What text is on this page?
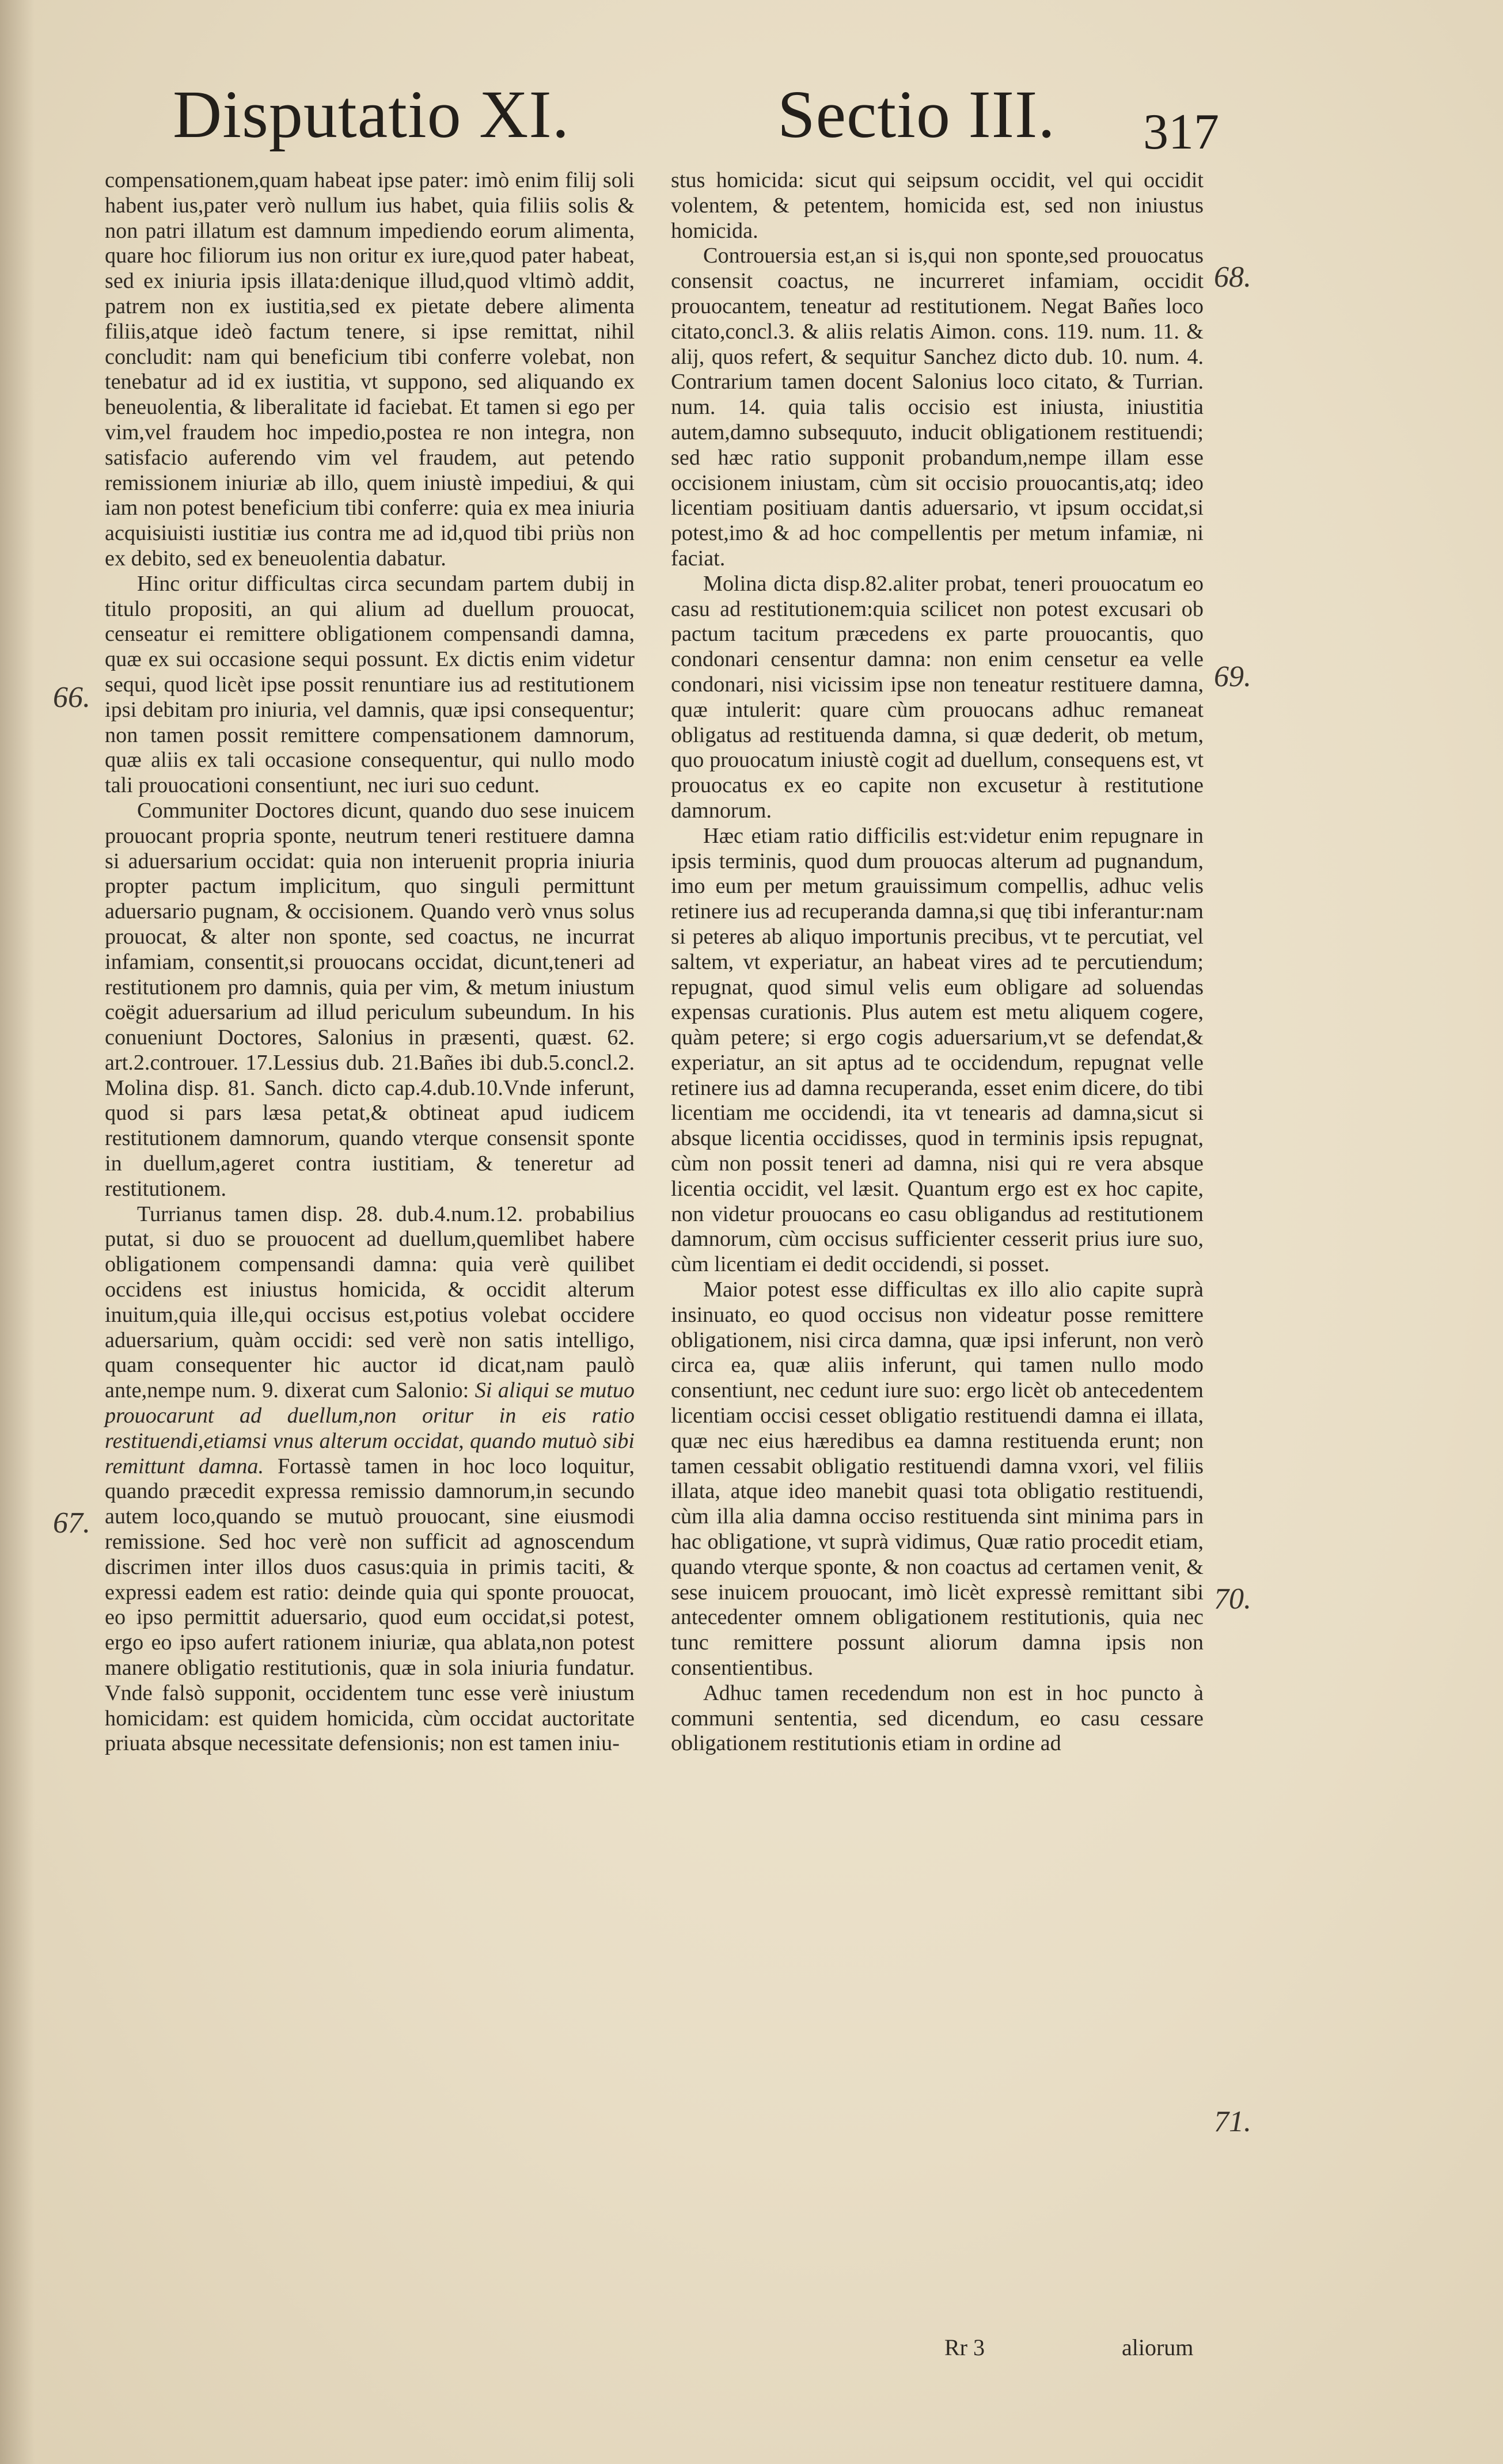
Disputatio XI.	Sectio III. 317

compensationem,quam habeat ipse pater: imò enim filij soli habent ius,pater verò nullum ius habet, quia filiis solis & non patri illatum est damnum impediendo eorum alimenta, quare hoc filiorum ius non oritur ex iure,quod pater habeat, sed ex iniuria ipsis illata:denique illud,quod vltimò addit, patrem non ex iustitia,sed ex pietate debere alimenta filiis,atque ideò factum tenere, si ipse remittat, nihil concludit: nam qui beneficium tibi conferre volebat, non tenebatur ad id ex iustitia, vt suppono, sed aliquando ex beneuolentia, & liberalitate id faciebat. Et tamen si ego per vim,vel fraudem hoc impedio,postea re non integra, non satisfacio auferendo vim vel fraudem, aut petendo remissionem iniuriæ ab illo, quem iniustè impediui, & qui iam non potest beneficium tibi conferre: quia ex mea iniuria acquisiuisti iustitiæ ius contra me ad id,quod tibi priùs non ex debito, sed ex beneuolentia dabatur.

Hinc oritur difficultas circa secundam partem dubij in titulo propositi, an qui alium ad duellum prouocat, censeatur ei remittere obligationem compensandi damna, quæ ex sui occasione sequi possunt. Ex dictis enim videtur sequi, quod licèt ipse possit renuntiare ius ad restitutionem ipsi debitam pro iniuria, vel damnis, quæ ipsi consequentur; non tamen possit remittere compensationem damnorum, quæ aliis ex tali occasione consequentur, qui nullo modo tali prouocationi consentiunt, nec iuri suo cedunt.

Communiter Doctores dicunt, quando duo sese inuicem prouocant propria sponte, neutrum teneri restituere damna si aduersarium occidat: quia non interuenit propria iniuria propter pactum implicitum, quo singuli permittunt aduersario pugnam, & occisionem. Quando verò vnus solus prouocat, & alter non sponte, sed coactus, ne incurrat infamiam, consentit,si prouocans occidat, dicunt,teneri ad restitutionem pro damnis, quia per vim, & metum iniustum coëgit aduersarium ad illud periculum subeundum. In his conueniunt Doctores, Salonius in præsenti, quæst. 62. art.2.controuer. 17.Lessius dub. 21.Bañes ibi dub.5.concl.2. Molina disp. 81. Sanch. dicto cap.4.dub.10.Vnde inferunt, quod si pars læsa petat,& obtineat apud iudicem restitutionem damnorum, quando vterque consensit sponte in duellum,ageret contra iustitiam, & teneretur ad restitutionem.

Turrianus tamen disp. 28. dub.4.num.12. probabilius putat, si duo se prouocent ad duellum,quemlibet habere obligationem compensandi damna: quia verè quilibet occidens est iniustus homicida, & occidit alterum inuitum,quia ille,qui occisus est,potius volebat occidere aduersarium, quàm occidi: sed verè non satis intelligo, quam consequenter hic auctor id dicat,nam paulò ante,nempe num. 9. dixerat cum Salonio: Si aliqui se mutuo prouocarunt ad duellum,non oritur in eis ratio restituendi,etiamsi vnus alterum occidat, quando mutuò sibi remittunt damna. Fortassè tamen in hoc loco loquitur, quando præcedit expressa remissio damnorum,in secundo autem loco,quando se mutuò prouocant, sine eiusmodi remissione. Sed hoc verè non sufficit ad agnoscendum discrimen inter illos duos casus:quia in primis taciti, & expressi eadem est ratio: deinde quia qui sponte prouocat, eo ipso permittit aduersario, quod eum occidat,si potest, ergo eo ipso aufert rationem iniuriæ, qua ablata,non potest manere obligatio restitutionis, quæ in sola iniuria fundatur. Vnde falsò supponit, occidentem tunc esse verè iniustum homicidam: est quidem homicida, cùm occidat auctoritate priuata absque necessitate defensionis; non est tamen iniu-

stus homicida: sicut qui seipsum occidit, vel qui occidit volentem, & petentem, homicida est, sed non iniustus homicida.

Controuersia est,an si is,qui non sponte,sed prouocatus consensit coactus, ne incurreret infamiam, occidit prouocantem, teneatur ad restitutionem. Negat Bañes loco citato,concl.3. & aliis relatis Aimon. cons. 119. num. 11. & alij, quos refert, & sequitur Sanchez dicto dub. 10. num. 4. Contrarium tamen docent Salonius loco citato, & Turrian. num. 14. quia talis occisio est iniusta, iniustitia autem,damno subsequuto, inducit obligationem restituendi; sed hæc ratio supponit probandum,nempe illam esse occisionem iniustam, cùm sit occisio prouocantis,atq; ideo licentiam positiuam dantis aduersario, vt ipsum occidat,si potest,imo & ad hoc compellentis per metum infamiæ, ni faciat.

Molina dicta disp.82.aliter probat, teneri prouocatum eo casu ad restitutionem:quia scilicet non potest excusari ob pactum tacitum præcedens ex parte prouocantis, quo condonari censentur damna: non enim censetur ea velle condonari, nisi vicissim ipse non teneatur restituere damna, quæ intulerit: quare cùm prouocans adhuc remaneat obligatus ad restituenda damna, si quæ dederit, ob metum, quo prouocatum iniustè cogit ad duellum, consequens est, vt prouocatus ex eo capite non excusetur à restitutione damnorum.

Hæc etiam ratio difficilis est:videtur enim repugnare in ipsis terminis, quod dum prouocas alterum ad pugnandum, imo eum per metum grauissimum compellis, adhuc velis retinere ius ad recuperanda damna,si quę tibi inferantur:nam si peteres ab aliquo importunis precibus, vt te percutiat, vel saltem, vt experiatur, an habeat vires ad te percutiendum; repugnat, quod simul velis eum obligare ad soluendas expensas curationis. Plus autem est metu aliquem cogere, quàm petere; si ergo cogis aduersarium,vt se defendat,& experiatur, an sit aptus ad te occidendum, repugnat velle retinere ius ad damna recuperanda, esset enim dicere, do tibi licentiam me occidendi, ita vt tenearis ad damna,sicut si absque licentia occidisses, quod in terminis ipsis repugnat, cùm non possit teneri ad damna, nisi qui re vera absque licentia occidit, vel læsit. Quantum ergo est ex hoc capite, non videtur prouocans eo casu obligandus ad restitutionem damnorum, cùm occisus sufficienter cesserit prius iure suo, cùm licentiam ei dedit occidendi, si posset.

Maior potest esse difficultas ex illo alio capite suprà insinuato, eo quod occisus non videatur posse remittere obligationem, nisi circa damna, quæ ipsi inferunt, non verò circa ea, quæ aliis inferunt, qui tamen nullo modo consentiunt, nec cedunt iure suo: ergo licèt ob antecedentem licentiam occisi cesset obligatio restituendi damna ei illata, quæ nec eius hæredibus ea damna restituenda erunt; non tamen cessabit obligatio restituendi damna vxori, vel filiis illata, atque ideo manebit quasi tota obligatio restituendi, cùm illa alia damna occiso restituenda sint minima pars in hac obligatione, vt suprà vidimus, Quæ ratio procedit etiam, quando vterque sponte, & non coactus ad certamen venit, & sese inuicem prouocant, imò licèt expressè remittant sibi antecedenter omnem obligationem restitutionis, quia nec tunc remittere possunt aliorum damna ipsis non consentientibus.

Adhuc tamen recedendum non est in hoc puncto à communi sententia, sed dicendum, eo casu cessare obligationem restitutionis etiam in ordine ad

66.
67.
68.
69.
70.
71.
Rr 3	aliorum
